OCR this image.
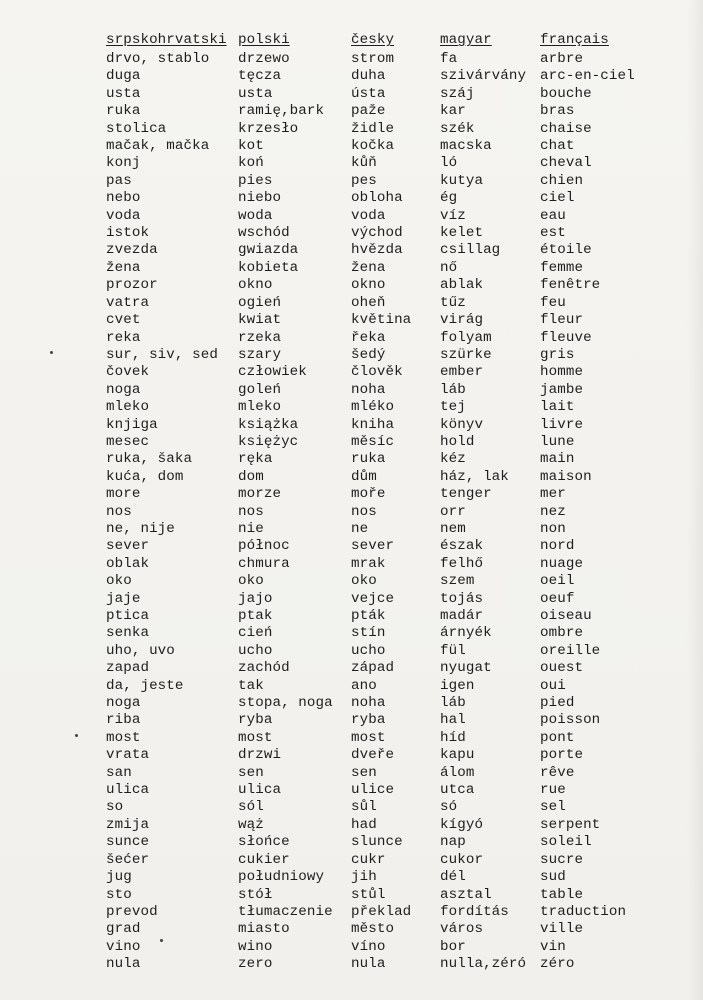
srpskohrvatski	polski	česky	magyar	français
drvo, stablo	drzewo	strom	fa	arbre
duga	tęcza	duha	szivárvány	arc-en-ciel
usta	usta	ústa	száj	bouche
ruka	ramię,bark	paže	kar	bras
stolica	krzesło	židle	szék	chaise
mačak, mačka	kot	kočka	macska	chat
konj	koń	kůň	ló	cheval
pas	pies	pes	kutya	chien
nebo	niebo	obloha	ég	ciel
voda	woda	voda	víz	eau
istok	wschód	východ	kelet	est
zvezda	gwiazda	hvězda	csillag	étoile
žena	kobieta	žena	nő	femme
prozor	okno	okno	ablak	fenêtre
vatra	ogień	oheň	tűz	feu
cvet	kwiat	květina	virág	fleur
reka	rzeka	řeka	folyam	fleuve
sur, siv, sed	szary	šedý	szürke	gris
čovek	człowiek	člověk	ember	homme
noga	goleń	noha	láb	jambe
mleko	mleko	mléko	tej	lait
knjiga	książka	kniha	könyv	livre
mesec	księżyc	měsíc	hold	lune
ruka, šaka	ręka	ruka	kéz	main
kuća, dom	dom	dům	ház, lak	maison
more	morze	moře	tenger	mer
nos	nos	nos	orr	nez
ne, nije	nie	ne	nem	non
sever	północ	sever	észak	nord
oblak	chmura	mrak	felhő	nuage
oko	oko	oko	szem	oeil
jaje	jajo	vejce	tojás	oeuf
ptica	ptak	pták	madár	oiseau
senka	cień	stín	árnyék	ombre
uho, uvo	ucho	ucho	fül	oreille
zapad	zachód	západ	nyugat	ouest
da, jeste	tak	ano	igen	oui
noga	stopa, noga	noha	láb	pied
riba	ryba	ryba	hal	poisson
most	most	most	híd	pont
vrata	drzwi	dveře	kapu	porte
san	sen	sen	álom	rêve
ulica	ulica	ulice	utca	rue
so	sól	sůl	só	sel
zmija	wąż	had	kígyó	serpent
sunce	słońce	slunce	nap	soleil
šećer	cukier	cukr	cukor	sucre
jug	południowy	jih	dél	sud
sto	stół	stůl	asztal	table
prevod	tłumaczenie	překlad	fordítás	traduction
grad	miasto	město	város	ville
vino	wino	víno	bor	vin
nula	zero	nula	nulla,zéró	zéro
